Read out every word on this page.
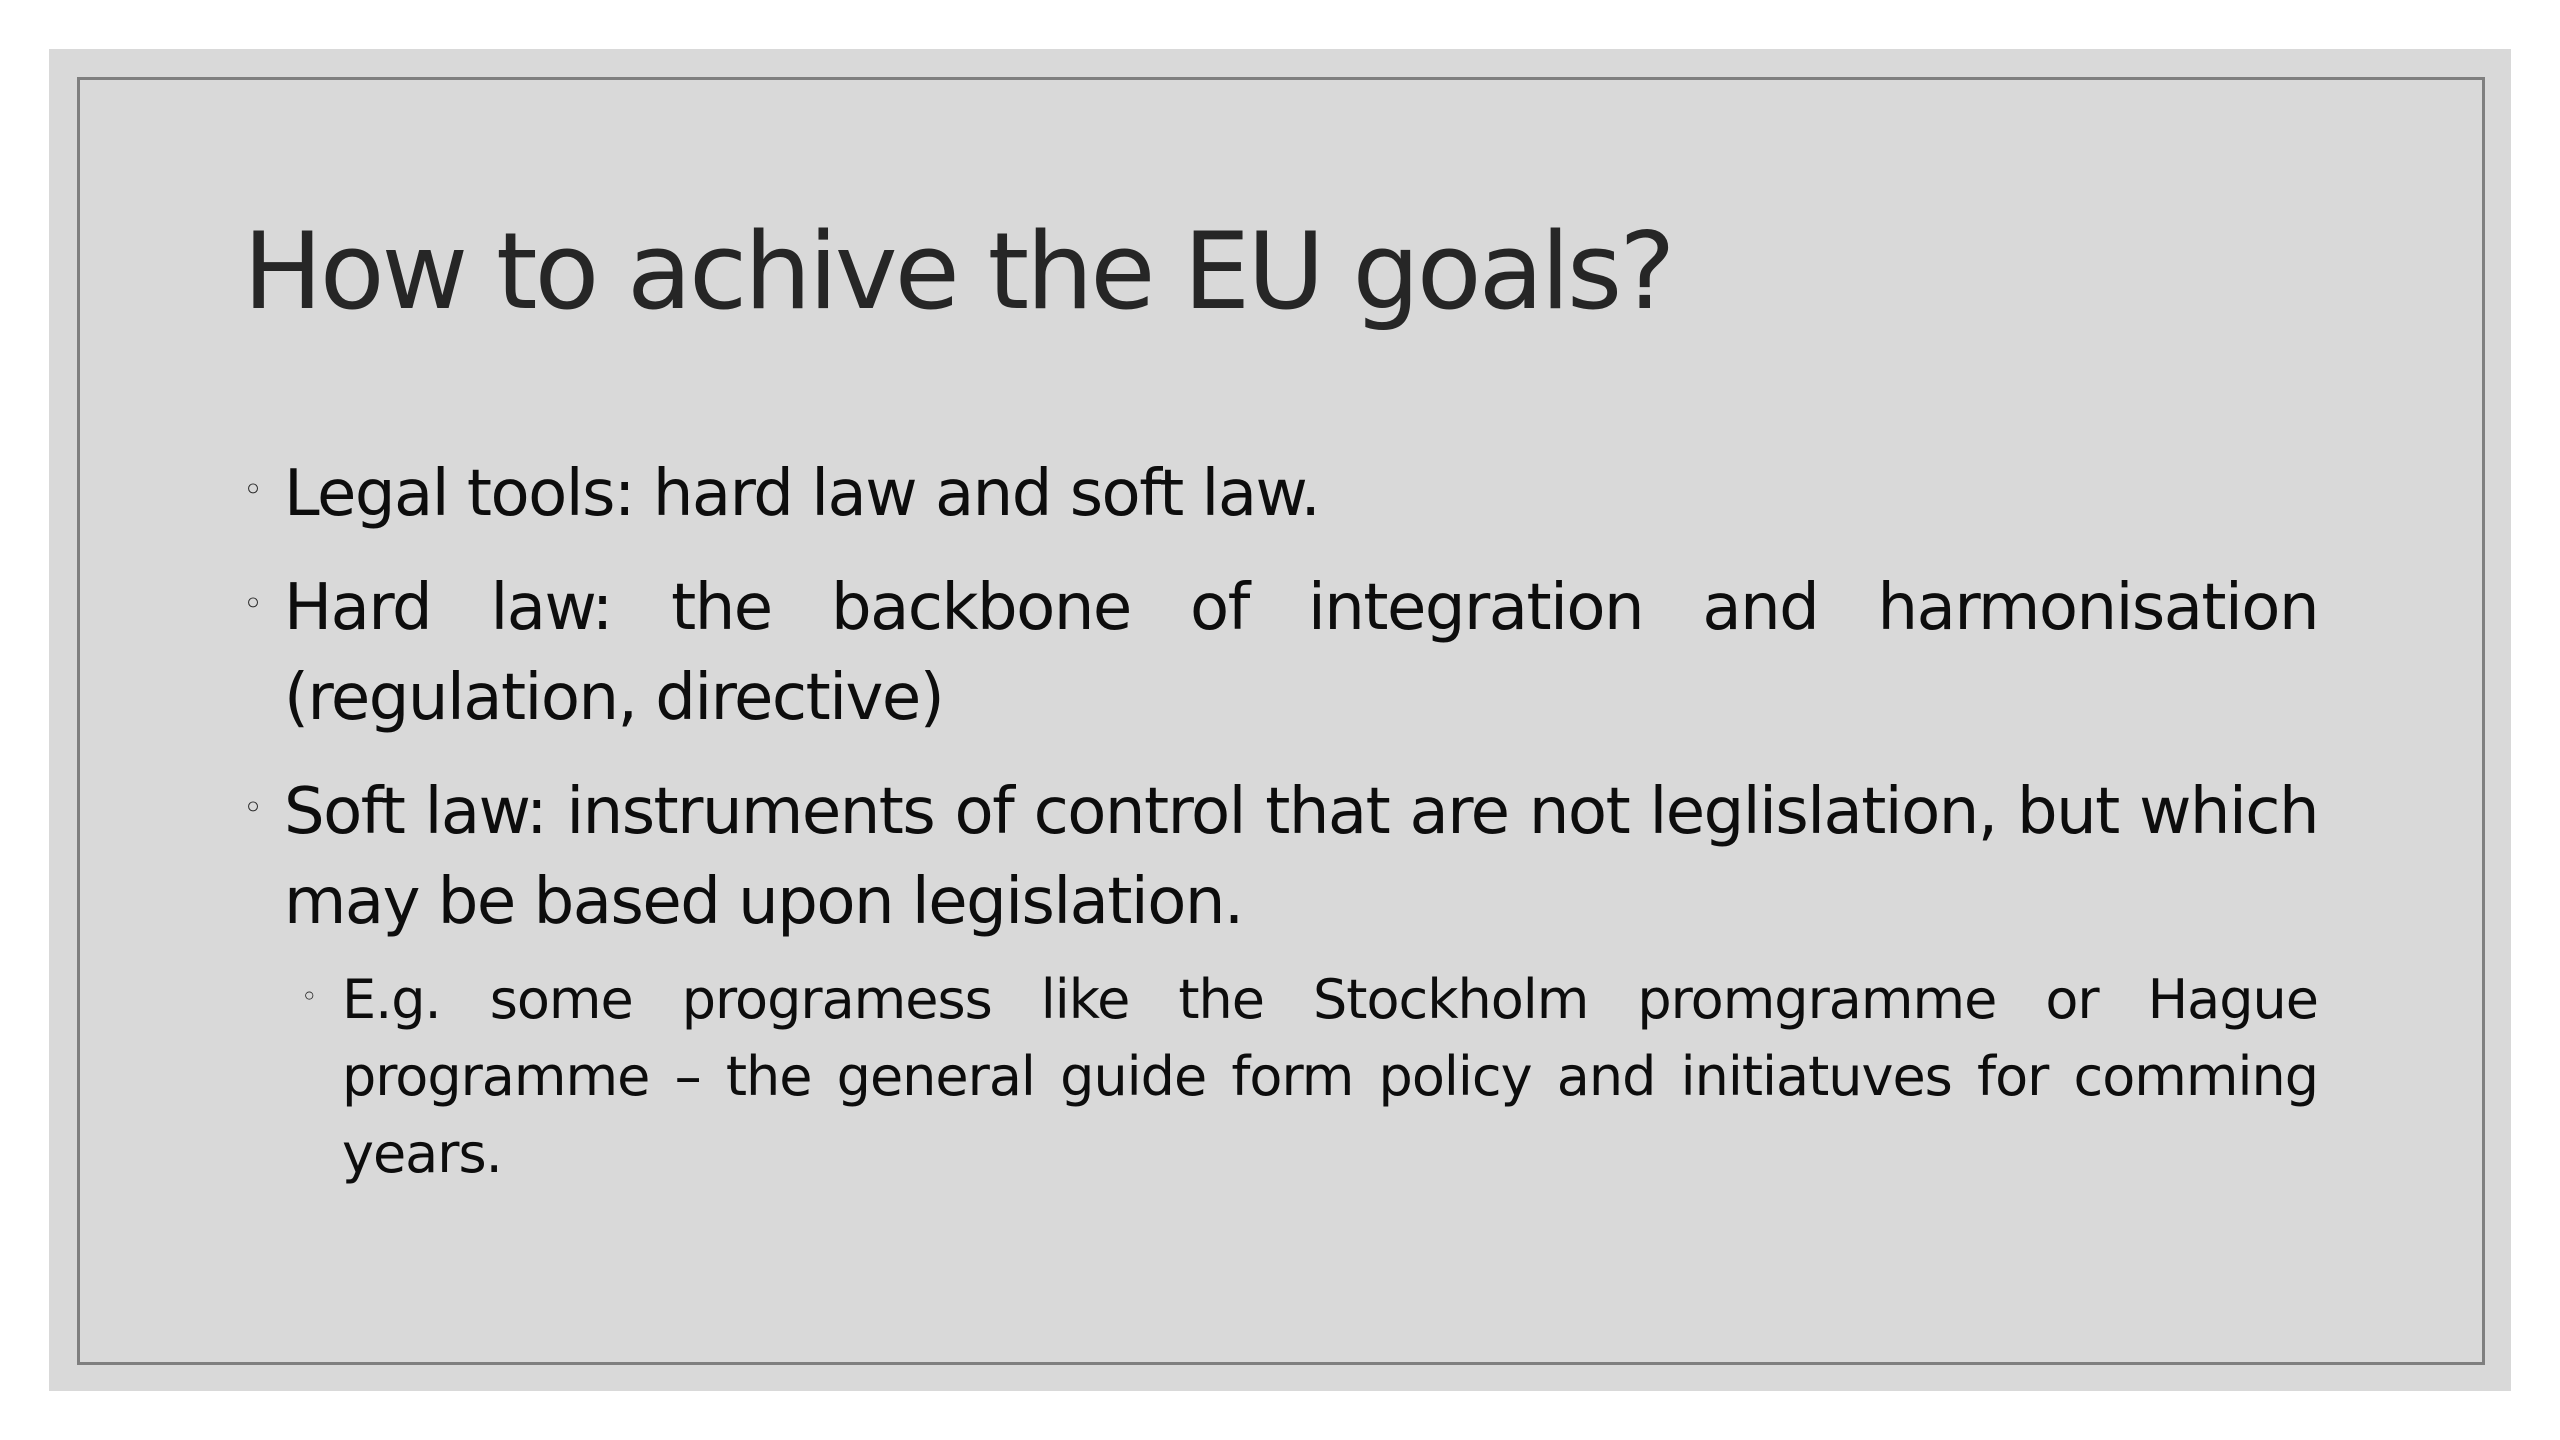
How to achive the EU goals?
◦ Legal tools: hard law and soft law.
◦ Hard law: the backbone of integration and harmonisation (regulation, directive)
◦ Soft law: instruments of control that are not leglislation, but which may be based upon legislation.
◦ E.g. some programess like the Stockholm promgramme or Hague programme – the general guide form policy and initiatuves for comming years.
